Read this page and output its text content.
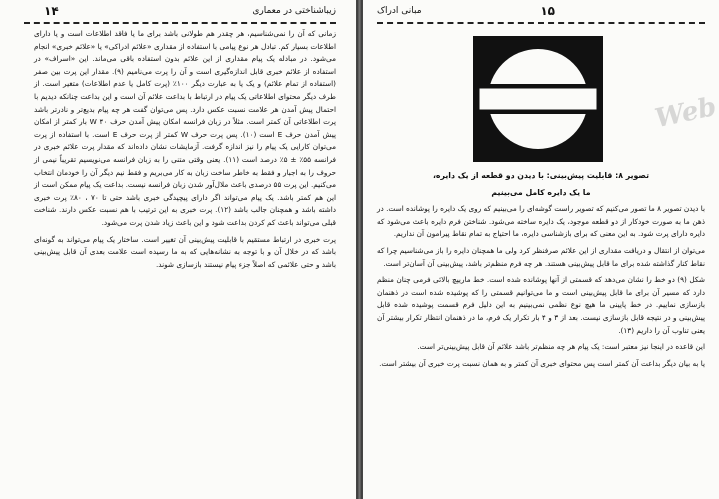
۱۴	زیباشناختی در معماری

زمانی که آن را نمی‌شناسیم، هر چقدر هم طولانی باشد برای ما یا فاقد اطلاعات است و یا دارای اطلاعات بسیار کم. تبادل هر نوع پیامی با استفاده از مقداری «علائم ادراکی» یا «علائم خبری» انجام می‌شود. در مبادله یک پیام مقداری از این علائم بدون استفاده باقی می‌ماند. این «اسراف» در استفاده از علائم خبری قابل اندازه‌گیری است و آن را پرت می‌نامیم (۹). مقدار این پرت بین صفر (استفاده از تمام علائم) و یک یا به عبارت دیگر ۱۰۰٪ (پرت کامل یا عدم اطلاعات) متغیر است. از طرف دیگر محتوای اطلاعاتی یک پیام در ارتباط با بداعت علائم آن است و این بداعت چنانکه دیدیم با احتمال پیش آمدن هر علامت نسبت عکس دارد. پس می‌توان گفت هر چه پیام بدیع‌تر و نادرتر باشد پرت اطلاعاتی آن کمتر است. مثلاً در زبان فرانسه امکان پیش آمدن حرف W ۴۰ بار کمتر از امکان پیش آمدن حرف E است (۱۰). پس پرت حرف W کمتر از پرت حرف E است. با استفاده از پرت می‌توان کارایی یک پیام را نیز اندازه گرفت. آزمایشات نشان داده‌اند که مقدار پرت علائم خبری در فرانسه ۵۵٪ ± ۵٪ درصد است (۱۱). یعنی وقتی متنی را به زبان فرانسه می‌نویسیم تقریباً نیمی از حروف را به اجبار و فقط به خاطر ساخت زبان به کار می‌بریم و فقط نیم دیگر آن را خودمان انتخاب می‌کنیم. این پرت ۵۵ درصدی باعث ملال‌آور شدن زبان فرانسه نیست. بداعت یک پیام ممکن است از این هم کمتر باشد. یک پیام می‌تواند اگر دارای پیچیدگی خبری باشد حتی تا ۷۰ ، ۸۰٪ پرت خبری داشته باشد و همچنان جالب باشد (۱۲). پرت خبری به این ترتیب با هم نسبت عکس دارند. شناخت قبلی می‌تواند باعث کم کردن بداعت شود و این باعث زیاد شدن پرت می‌شود.

پرت خبری در ارتباط مستقیم با قابلیت پیش‌بینی آن تغییر است. ساختار یک پیام می‌تواند به گونه‌ای باشد که در خلال آن و با توجه به نشانه‌هایی که به ما رسیده است علامت بعدی آن قابل پیش‌بینی باشد و حتی علائمی که اصلاً جزء پیام نیستند بازسازی شوند.

مبانی ادراک	۱۵
Web

تصویر ۸: قابلیت پیش‌بینی: با دیدن دو قطعه از یک دایره،

ما یک دایره کامل می‌بینیم

با دیدن تصویر ۸ ما تصور می‌کنیم که تصویر راست گوشه‌ای را می‌بینیم که روی یک دایره را پوشانده است. در ذهن ما به صورت خودکار از دو قطعه موجود، یک دایره ساخته می‌شود. شناختن فرم دایره باعث می‌شود که دایره دارای پرت شود. به این معنی که برای بازشناسی دایره، ما احتیاج به تمام نقاط پیرامون آن نداریم.

می‌توان از انتقال و دریافت مقداری از این علائم صرفنظر کرد ولی ما همچنان دایره را باز می‌شناسیم چرا که نقاط کنار گذاشته شده برای ما قابل پیش‌بینی هستند. هر چه فرم منظم‌تر باشد، پیش‌بینی آن آسان‌تر است.

شکل (۹) دو خط را نشان می‌دهد که قسمتی از آنها پوشانده شده است. خط ماریپچ بالائی فرمی چنان منظم دارد که مسیر آن برای ما قابل پیش‌بینی است و ما می‌توانیم قسمتی را که پوشیده شده است در ذهنمان بازسازی نماییم. در خط پایینی ما هیچ نوع نظمی نمی‌بینیم به این دلیل فرم قسمت پوشیده شده قابل پیش‌بینی و در نتیجه قابل بازسازی نیست. بعد از ۳ و ۴ بار تکرار یک فرم، ما در ذهنمان انتظار تکرار بیشتر آن یعنی تناوب آن را داریم (۱۳).

این قاعده در اینجا نیز معتبر است: یک پیام هر چه منظم‌تر باشد علائم آن قابل پیش‌بینی‌تر است.

یا به بیان دیگر بداعت آن کمتر است پس محتوای خبری آن کمتر و به همان نسبت پرت خبری آن بیشتر است.
